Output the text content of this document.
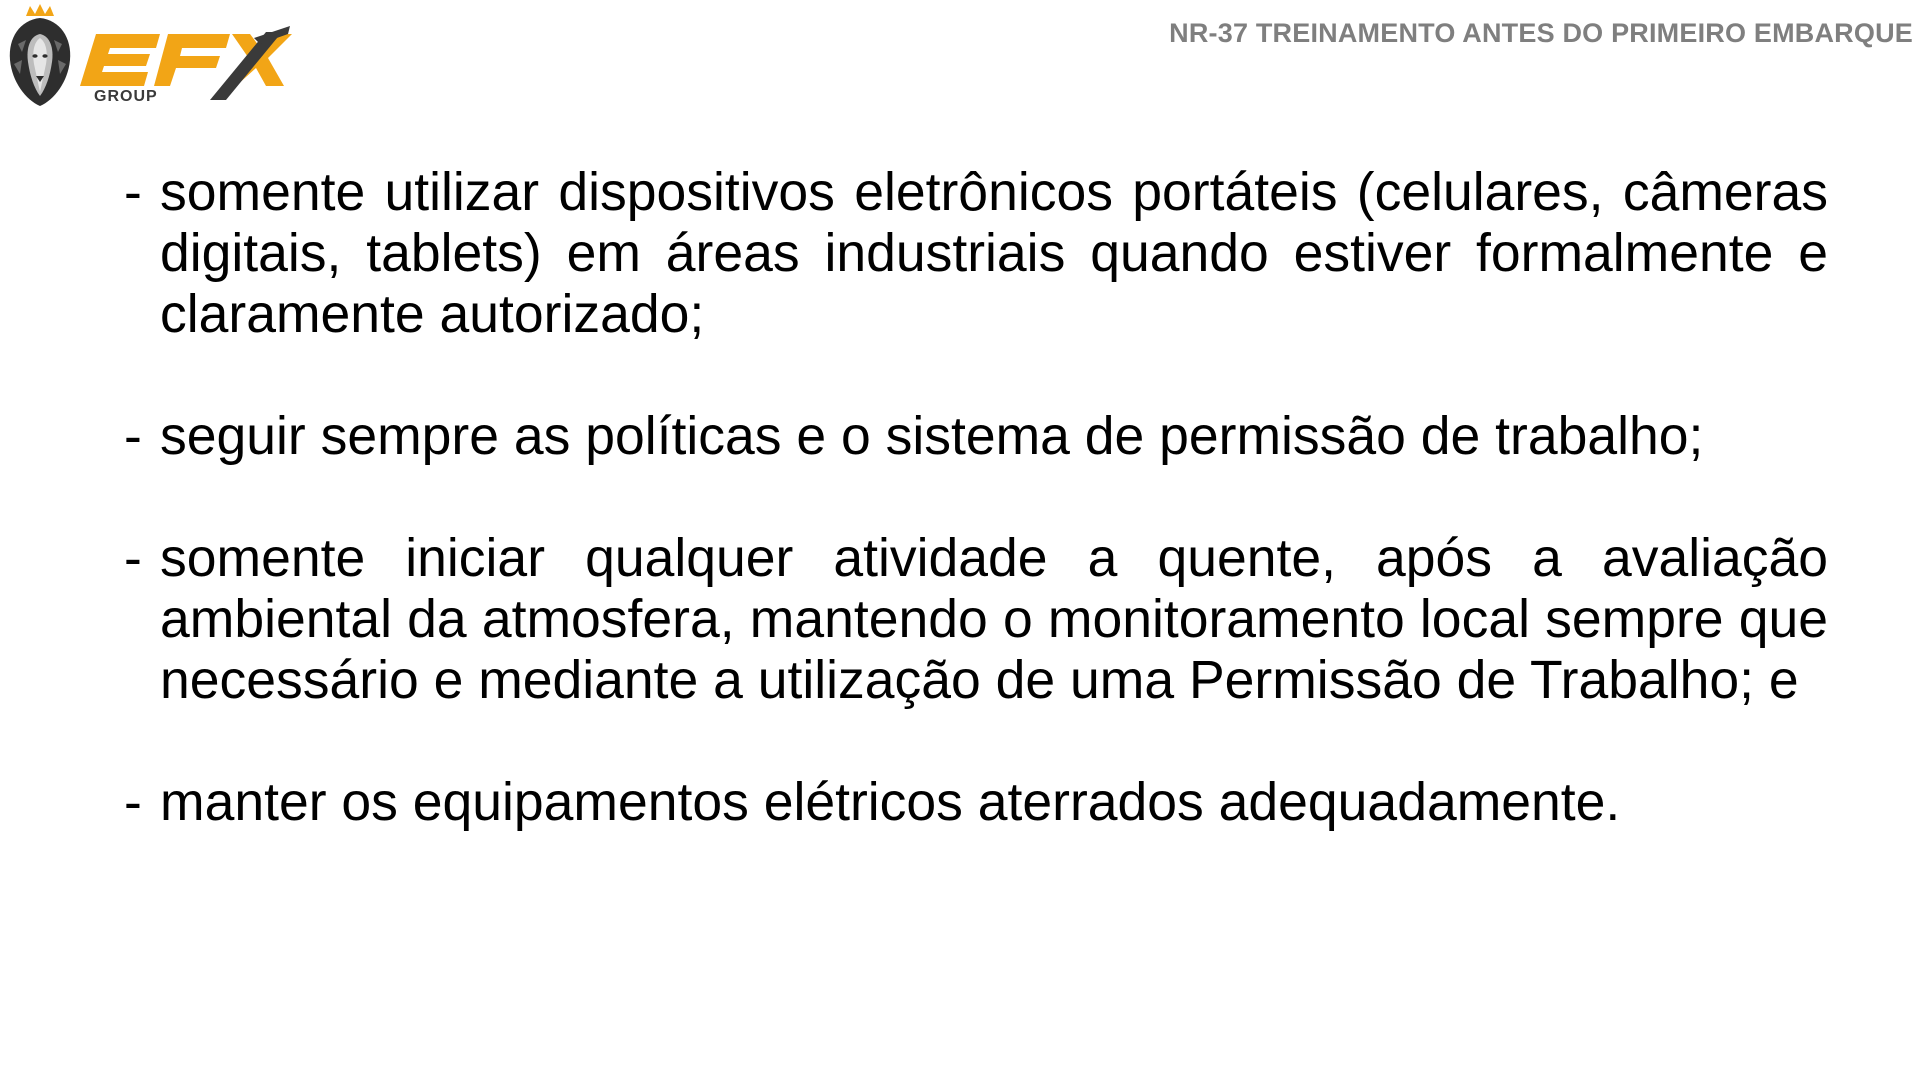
GROUP
NR-37 TREINAMENTO ANTES DO PRIMEIRO EMBARQUE
- somente utilizar dispositivos eletrônicos portáteis (celulares, câmeras digitais, tablets) em áreas industriais quando estiver formalmente e claramente autorizado;
- seguir sempre as políticas e o sistema de permissão de trabalho;
- somente iniciar qualquer atividade a quente, após a avaliação ambiental da atmosfera, mantendo o monitoramento local sempre que necessário e mediante a utilização de uma Permissão de Trabalho; e
- manter os equipamentos elétricos aterrados adequadamente.
